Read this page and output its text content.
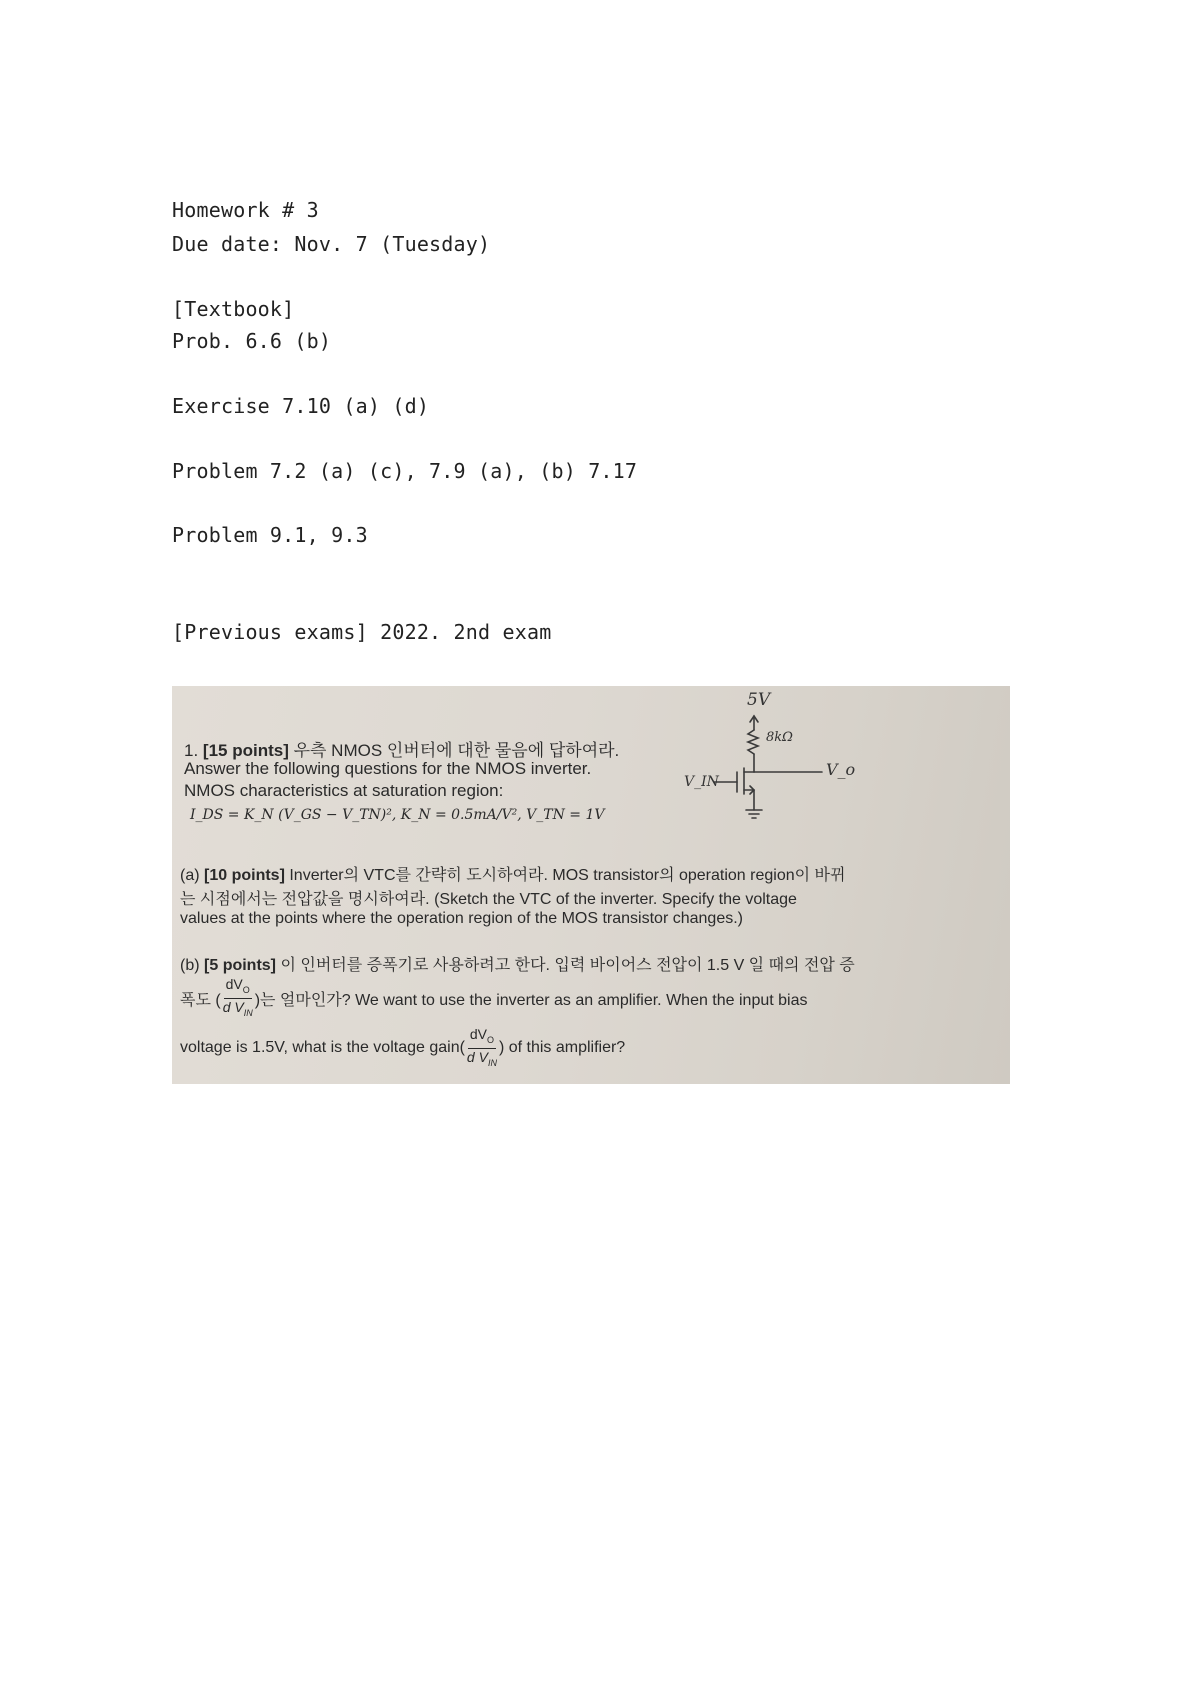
Homework # 3
Due date: Nov. 7 (Tuesday)
[Textbook]
Prob. 6.6 (b)
Exercise 7.10 (a) (d)
Problem 7.2 (a) (c), 7.9 (a), (b) 7.17
Problem 9.1, 9.3
[Previous exams] 2022. 2nd exam
1. [15 points] 우측 NMOS 인버터에 대한 물음에 답하여라.
Answer the following questions for the NMOS inverter.
NMOS characteristics at saturation region:
I_DS = K_N (V_GS − V_TN)², K_N = 0.5mA/V², V_TN = 1V
5V
8kΩ
V_o
V_IN
(a) [10 points] Inverter의 VTC를 간략히 도시하여라. MOS transistor의 operation region이 바뀌
는 시점에서는 전압값을 명시하여라. (Sketch the VTC of the inverter. Specify the voltage
values at the points where the operation region of the MOS transistor changes.)
(b) [5 points] 이 인버터를 증폭기로 사용하려고 한다. 입력 바이어스 전압이 1.5 V 일 때의 전압 증
폭도 ( $\frac{dV_O}{d V_{IN}}$ )는 얼마인가? We want to use the inverter as an amplifier. When the input bias
voltage is 1.5V, what is the voltage gain( $\frac{dV_O}{d V_{IN}}$ ) of this amplifier?
